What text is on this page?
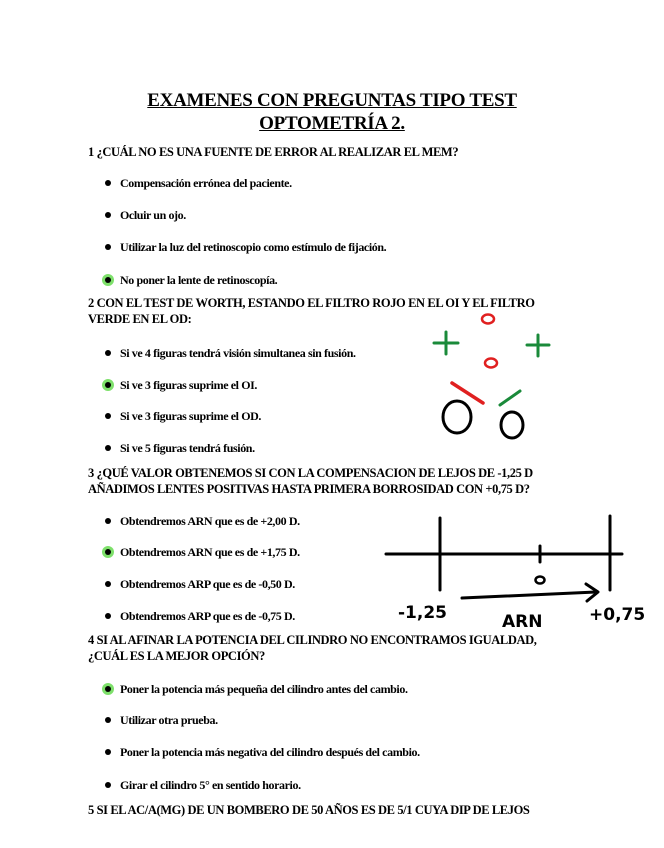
EXAMENES CON PREGUNTAS TIPO TEST
OPTOMETRÍA 2.
1 ¿CUÁL NO ES UNA FUENTE DE ERROR AL REALIZAR EL MEM?
Compensación errónea del paciente.
Ocluir un ojo.
Utilizar la luz del retinoscopio como estímulo de fijación.
No poner la lente de retinoscopía.
2 CON EL TEST DE WORTH, ESTANDO EL FILTRO ROJO EN EL OI Y EL FILTRO VERDE EN EL OD:
Si ve 4 figuras tendrá visión simultanea sin fusión.
Si ve 3 figuras suprime el OI.
Si ve 3 figuras suprime el OD.
Si ve 5 figuras tendrá fusión.
3 ¿QUÉ VALOR OBTENEMOS SI CON LA COMPENSACION DE LEJOS DE -1,25 D AÑADIMOS LENTES POSITIVAS HASTA PRIMERA BORROSIDAD CON +0,75 D?
Obtendremos ARN que es de +2,00 D.
Obtendremos ARN que es de +1,75 D.
Obtendremos ARP que es de -0,50 D.
Obtendremos ARP que es de -0,75 D.	-1,25	ARN	+0,75
4 SI AL AFINAR LA POTENCIA DEL CILINDRO NO ENCONTRAMOS IGUALDAD, ¿CUÁL ES LA MEJOR OPCIÓN?
Poner la potencia más pequeña del cilindro antes del cambio.
Utilizar otra prueba.
Poner la potencia más negativa del cilindro después del cambio.
Girar el cilindro 5° en sentido horario.
5 SI EL AC/A(MG) DE UN BOMBERO DE 50 AÑOS ES DE 5/1 CUYA DIP DE LEJOS
